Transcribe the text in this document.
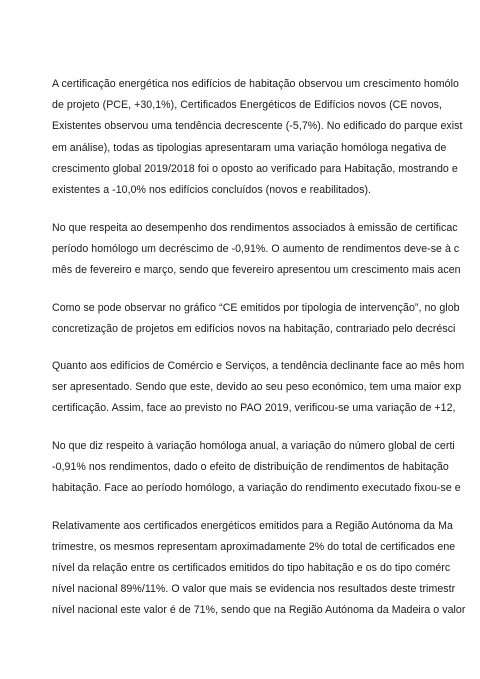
A certificação energética nos edifícios de habitação observou um crescimento homólo
de projeto (PCE, +30,1%), Certificados Energéticos de Edifícios novos (CE novos,
Existentes observou uma tendência decrescente (-5,7%). No edificado do parque exist
em análise), todas as tipologias apresentaram uma variação homóloga negativa de
crescimento global 2019/2018 foi o oposto ao verificado para Habitação, mostrando e
existentes a -10,0% nos edifícios concluídos (novos e reabilitados).
No que respeita ao desempenho dos rendimentos associados à emissão de certificac
período homólogo um decréscimo de -0,91%. O aumento de rendimentos deve-se à c
mês de fevereiro e março, sendo que fevereiro apresentou um crescimento mais acen
Como se pode observar no gráfico “CE emitidos por tipologia de intervenção”, no glob
concretização de projetos em edifícios novos na habitação, contrariado pelo decrésci
Quanto aos edifícios de Comércio e Serviços, a tendência declinante face ao mês hom
ser apresentado. Sendo que este, devido ao seu peso económico, tem uma maior exp
certificação. Assim, face ao previsto no PAO 2019, verificou-se uma variação de +12,
No que diz respeito à variação homóloga anual, a variação do número global de certi
-0,91% nos rendimentos, dado o efeito de distribuição de rendimentos de habitação
habitação. Face ao período homólogo, a variação do rendimento executado fixou-se e
Relativamente aos certificados energéticos emitidos para a Região Autónoma da Ma
trimestre, os mesmos representam aproximadamente 2% do total de certificados ene
nível da relação entre os certificados emitidos do tipo habitação e os do tipo comérc
nível nacional 89%/11%. O valor que mais se evidencia nos resultados deste trimestr
nível nacional este valor é de 71%, sendo que na Região Autónoma da Madeira o valor
